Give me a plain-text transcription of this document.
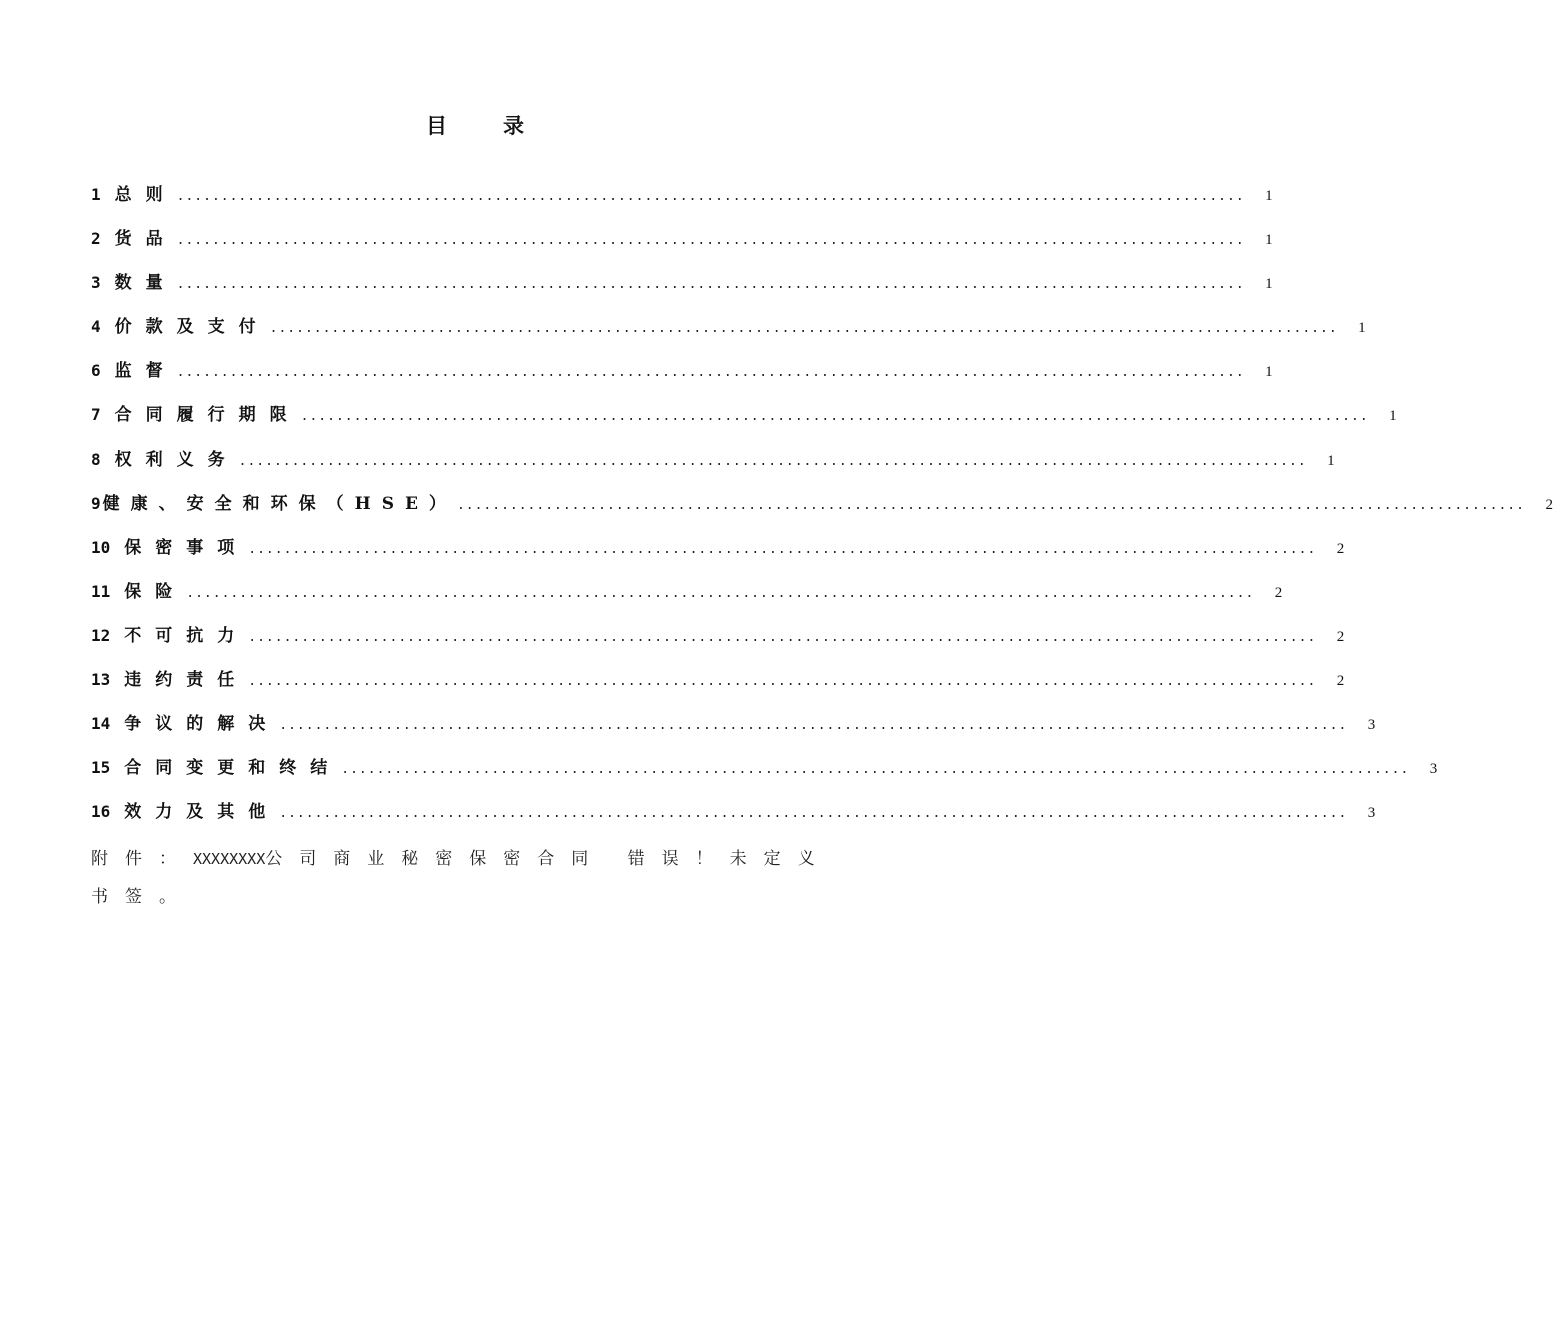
目录
1 总则 ......................................................................................................................... 1
2 货品 ......................................................................................................................... 1
3 数量 ......................................................................................................................... 1
4 价款及支付 ......................................................................................................................... 1
6 监督 ......................................................................................................................... 1
7 合同履行期限 ......................................................................................................................... 1
8 权利义务 ......................................................................................................................... 1
9 健康、安全和环保（HSE） ......................................................................................................................... 2
10 保密事项 ......................................................................................................................... 2
11 保险 ......................................................................................................................... 2
12 不可抗力 ......................................................................................................................... 2
13 违约责任 ......................................................................................................................... 2
14 争议的解决 ......................................................................................................................... 3
15 合同变更和终结 ......................................................................................................................... 3
16 效力及其他 ......................................................................................................................... 3
附件：XXXXXXXX公司商业秘密保密合同 错误！未定义书签。
